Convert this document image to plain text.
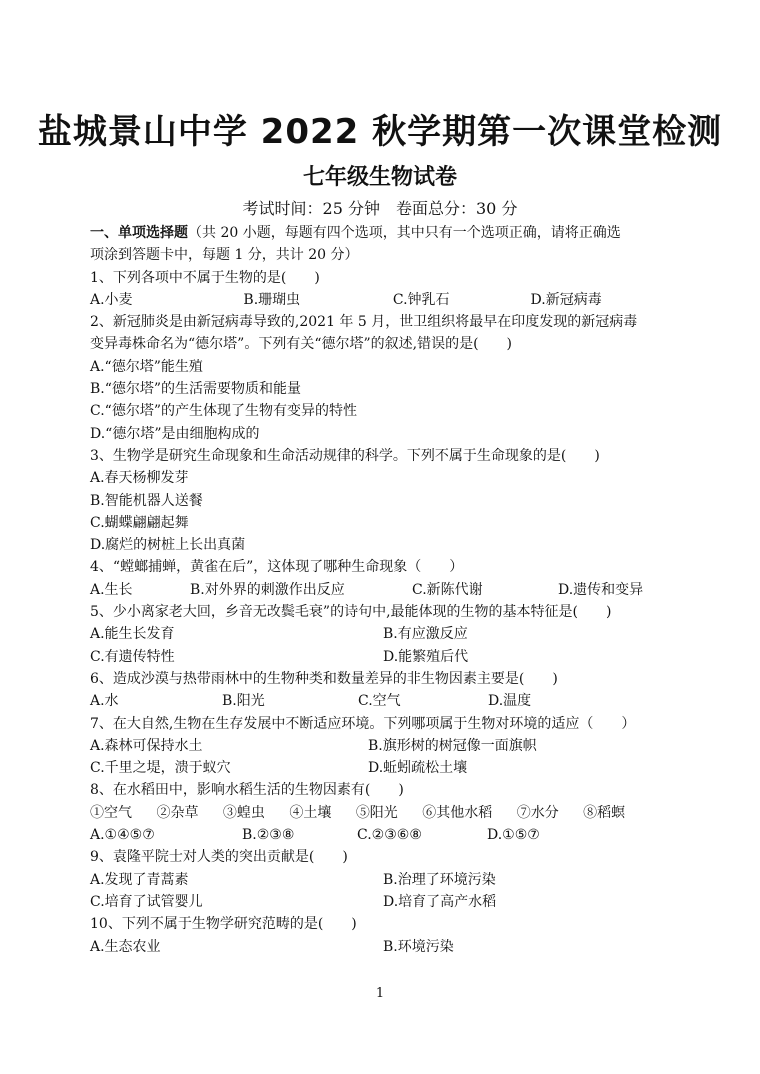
盐城景山中学 2022 秋学期第一次课堂检测
七年级生物试卷
考试时间：25 分钟　卷面总分：30 分
一、单项选择题（共 20 小题，每题有四个选项，其中只有一个选项正确，请将正确选
项涂到答题卡中，每题 1 分，共计 20 分）
1、下列各项中不属于生物的是(　　)
A.小麦	B.珊瑚虫	C.钟乳石	D.新冠病毒
2、新冠肺炎是由新冠病毒导致的,2021 年 5 月，世卫组织将最早在印度发现的新冠病毒
变异毒株命名为“德尔塔”。下列有关“德尔塔”的叙述,错误的是(　　)
A.“德尔塔”能生殖
B.“德尔塔”的生活需要物质和能量
C.“德尔塔”的产生体现了生物有变异的特性
D.“德尔塔”是由细胞构成的
3、生物学是研究生命现象和生命活动规律的科学。下列不属于生命现象的是(　　)
A.春天杨柳发芽
B.智能机器人送餐
C.蝴蝶翩翩起舞
D.腐烂的树桩上长出真菌
4、“螳螂捕蝉，黄雀在后”，这体现了哪种生命现象（　　）
A.生长	B.对外界的刺激作出反应	C.新陈代谢	D.遗传和变异
5、少小离家老大回，乡音无改鬓毛衰”的诗句中,最能体现的生物的基本特征是(　　)
A.能生长发育	B.有应激反应
C.有遗传特性	D.能繁殖后代
6、造成沙漠与热带雨林中的生物种类和数量差异的非生物因素主要是(　　)
A.水	B.阳光	C.空气	D.温度
7、在大自然,生物在生存发展中不断适应环境。下列哪项属于生物对环境的适应（　　）
A.森林可保持水土	B.旗形树的树冠像一面旗帜
C.千里之堤，溃于蚁穴	D.蚯蚓疏松土壤
8、在水稻田中，影响水稻生活的生物因素有(　　)
①空气 ②杂草 ③蝗虫 ④土壤 ⑤阳光 ⑥其他水稻 ⑦水分 ⑧稻螟
A.①④⑤⑦	B.②③⑧	C.②③⑥⑧	D.①⑤⑦
9、袁隆平院士对人类的突出贡献是(　　)
A.发现了青蒿素	B.治理了环境污染
C.培育了试管婴儿	D.培育了高产水稻
10、下列不属于生物学研究范畴的是(　　)
A.生态农业	B.环境污染
1
